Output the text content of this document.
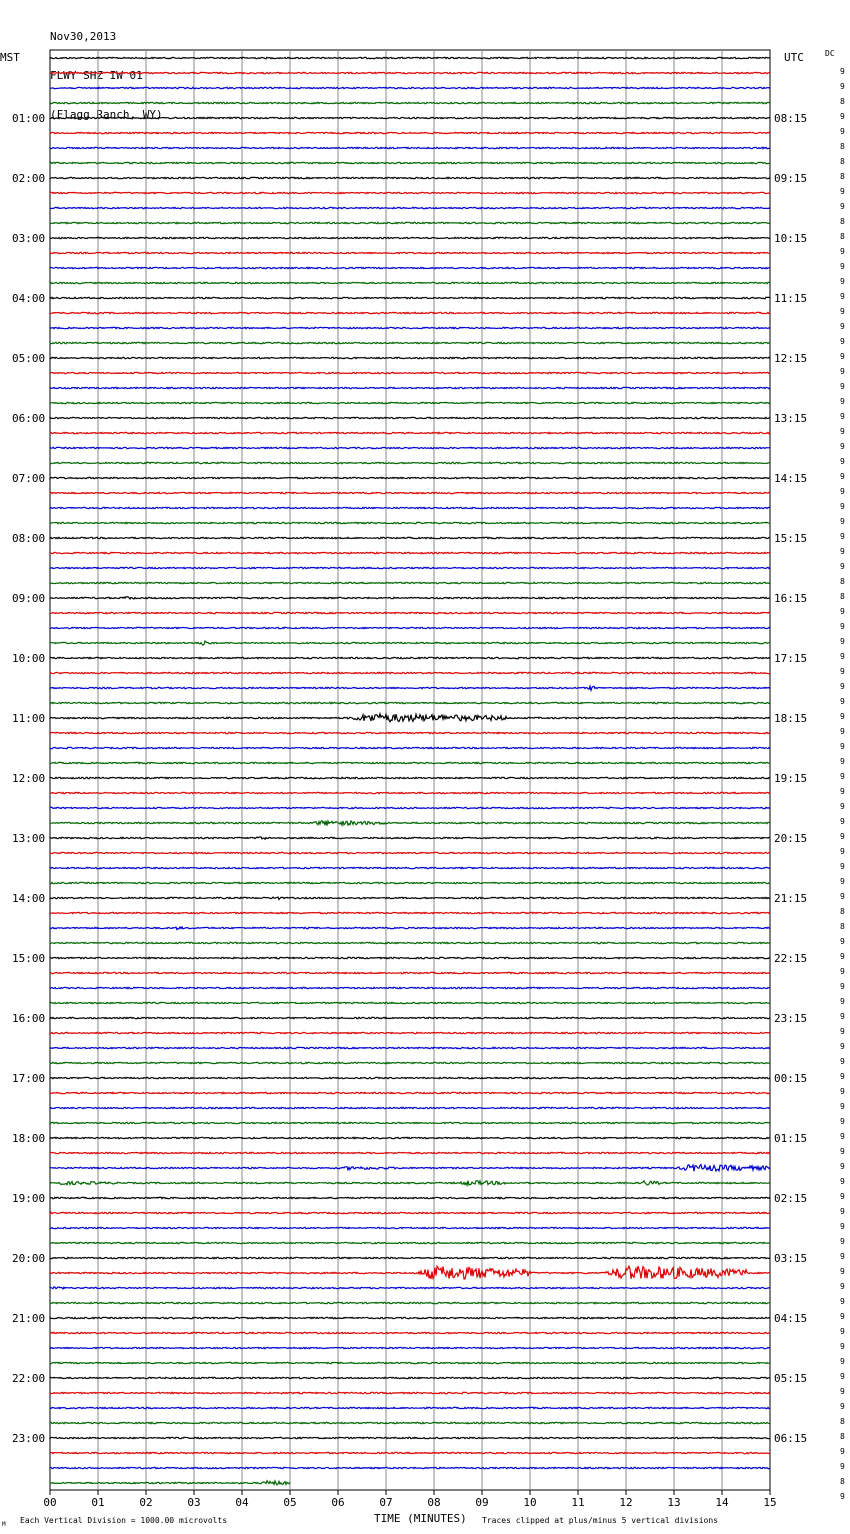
Nov30,2013

FLWY SHZ IW 01

(Flagg Ranch, WY)

MST	UTC	DC
01:00
02:00
03:00
04:00
05:00
06:00
07:00
08:00
09:00
10:00
11:00
12:00
13:00
14:00
15:00
16:00
17:00
18:00
19:00
20:00
21:00
22:00
23:00
08:15
09:15
10:15
11:15
12:15
13:15
14:15
15:15
16:15
17:15
18:15
19:15
20:15
21:15
22:15
23:15
00:15
01:15
02:15
03:15
04:15
05:15
06:15
9
9
8
9
9
8
8
8
9
9
8
8
9
9
9
9
9
9
9
9
9
9
9
9
9
9
9
9
9
9
9
9
9
9
8
8
9
9
9
9
9
9
9
9
9
9
9
9
9
9
9
9
9
9
9
9
8
8
9
9
9
9
9
9
9
9
9
9
9
9
9
9
9
9
9
9
9
9
9
9
9
9
9
9
9
9
9
9
9
9
8
8
9
9
8
9
00	01	02	03	04	05	06	07	08	09	10	11	12	13	14	15
M Each Vertical Division = 1000.00 microvolts	TIME (MINUTES) Traces clipped at plus/minus 5 vertical divisions
